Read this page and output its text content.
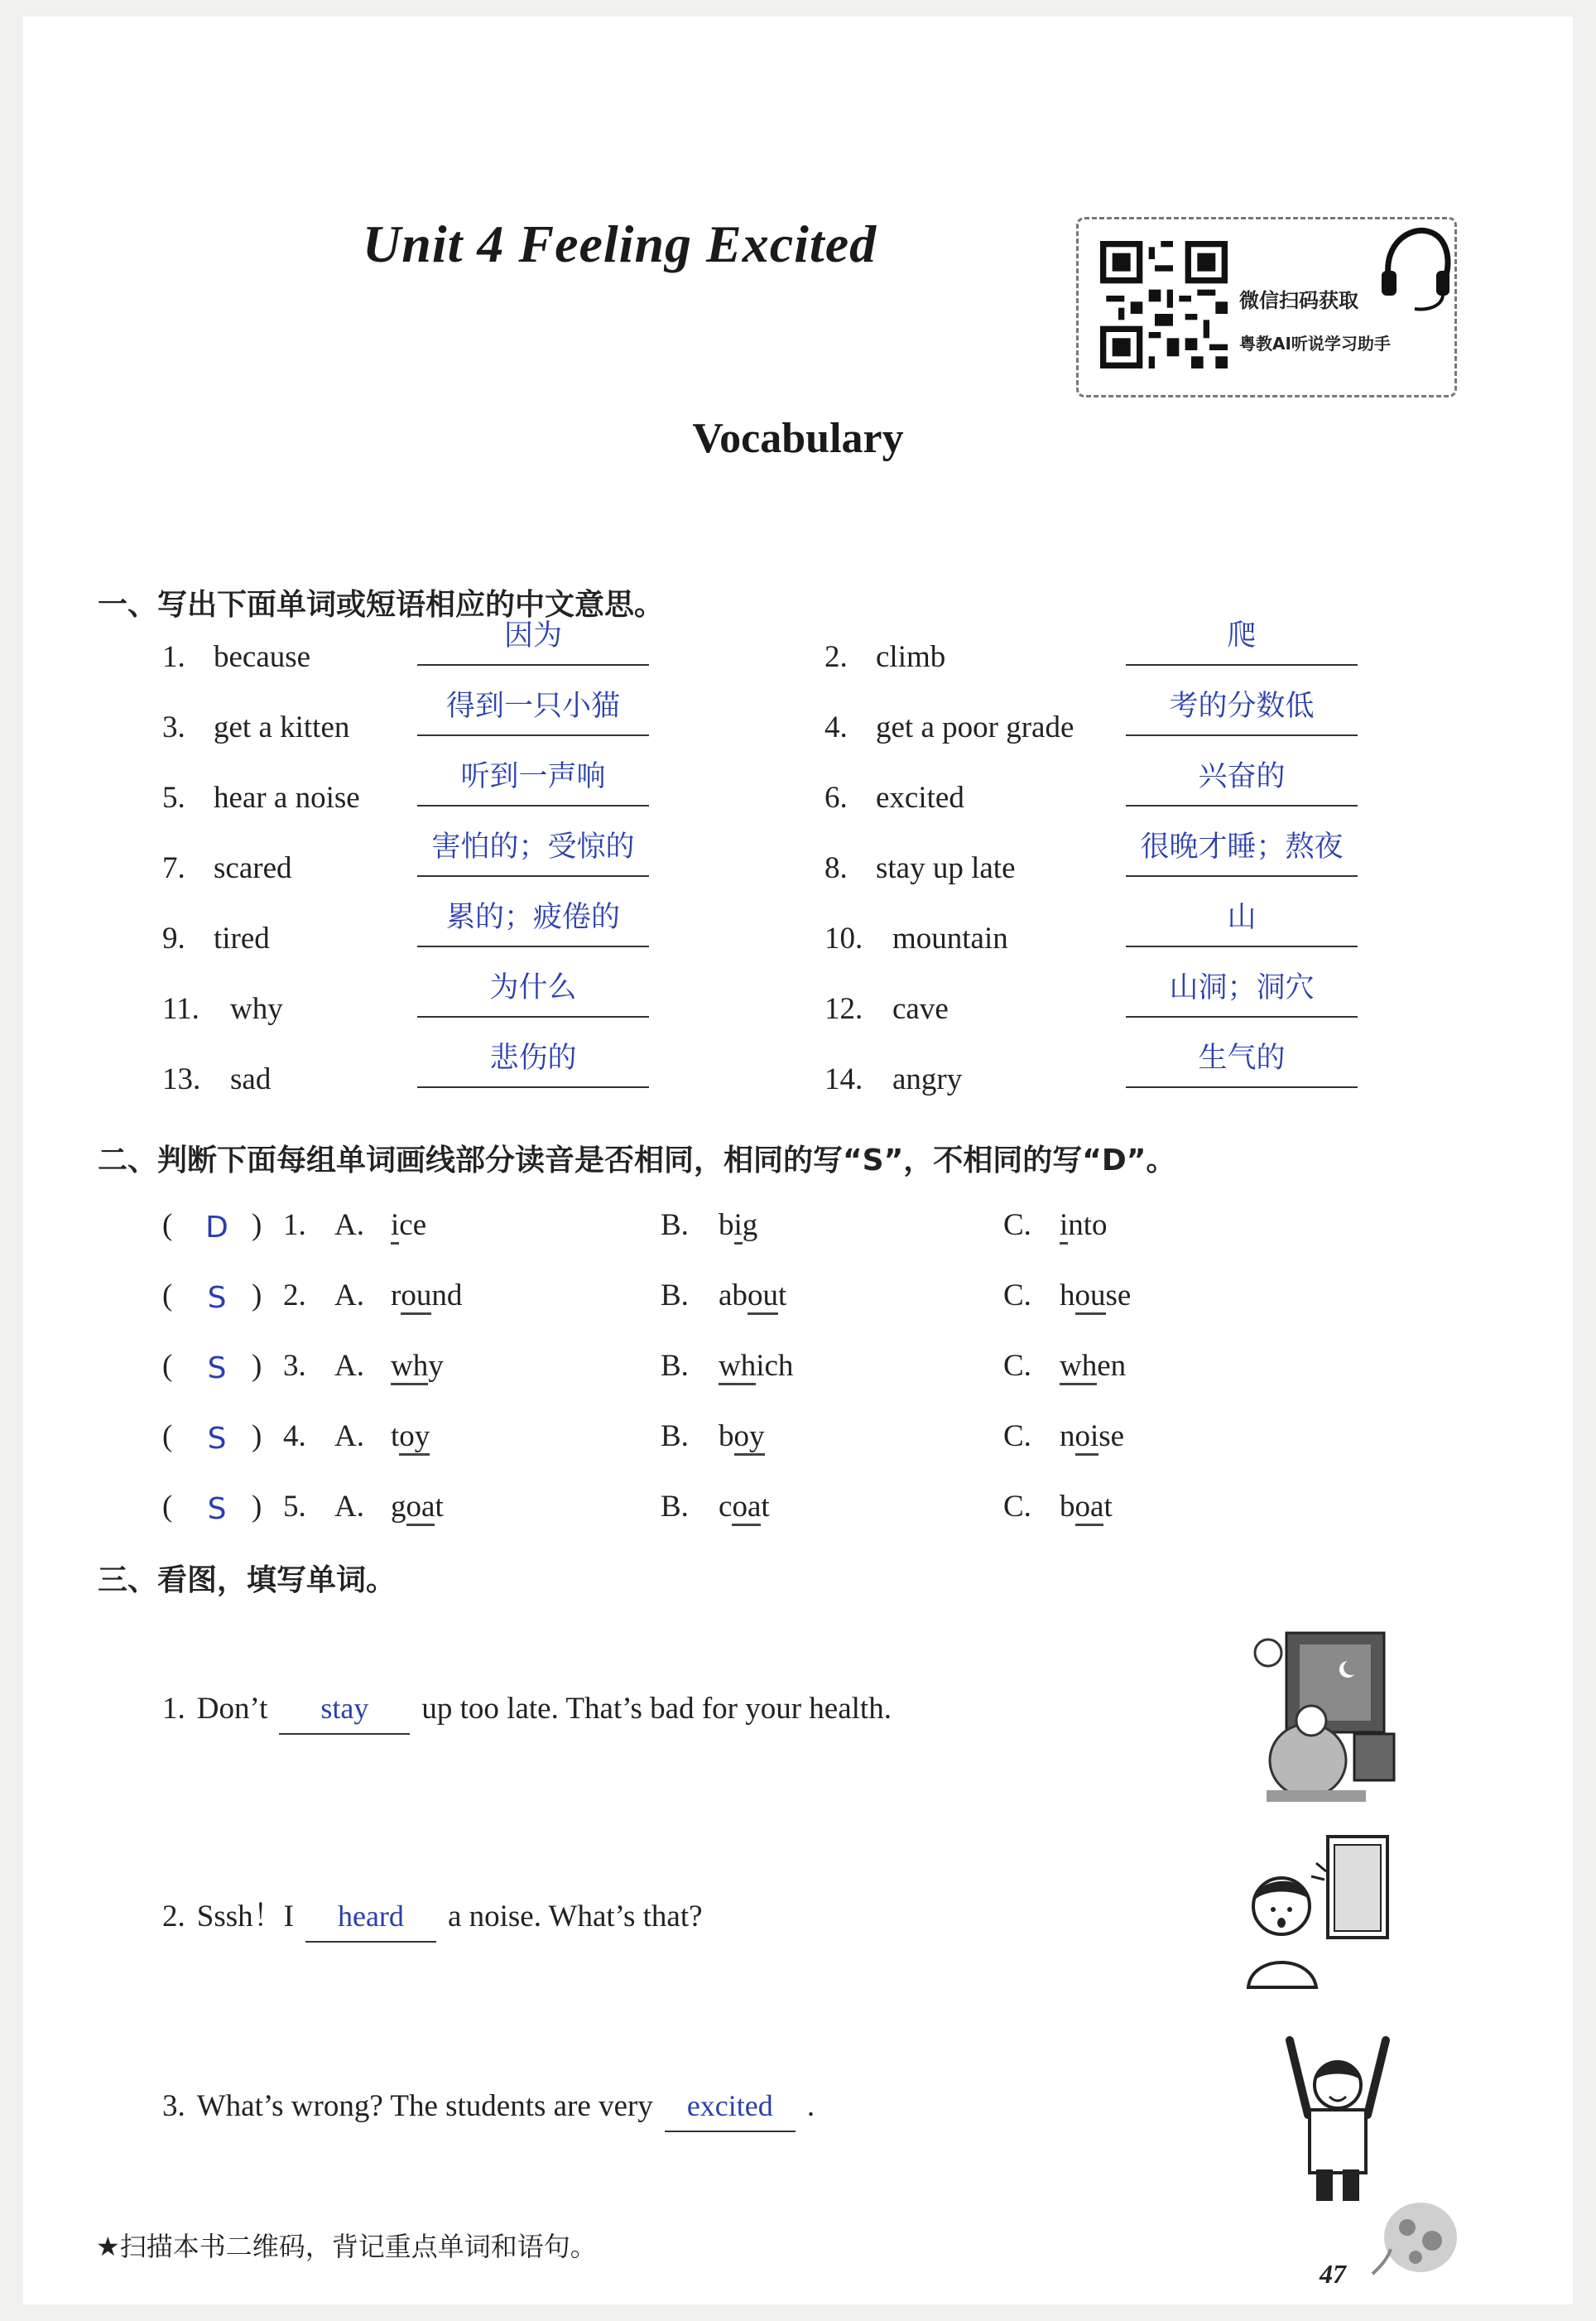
Unit 4 Feeling Excited
微信扫码获取
粤教AI听说学习助手
Vocabulary
一、写出下面单词或短语相应的中文意思。
1. because
因为
2. climb
爬
3. get a kitten
得到一只小猫
4. get a poor grade
考的分数低
5. hear a noise
听到一声响
6. excited
兴奋的
7. scared
害怕的；受惊的
8. stay up late
很晚才睡；熬夜
9. tired
累的；疲倦的
10. mountain
山
11. why
为什么
12. cave
山洞；洞穴
13. sad
悲伤的
14. angry
生气的
二、判断下面每组单词画线部分读音是否相同，相同的写“S”，不相同的写“D”。
( D ) 1. A. ice	B. big	C. into
( S ) 2. A. round	B. about	C. house
( S ) 3. A. why	B. which	C. when
( S ) 4. A. toy	B. boy	C. noise
( S ) 5. A. goat	B. coat	C. boat
三、看图，填写单词。
1. Don’t stay up too late. That’s bad for your health.
2. Sssh！I heard a noise. What’s that?
3. What’s wrong? The students are very excited .
★扫描本书二维码，背记重点单词和语句。
47
